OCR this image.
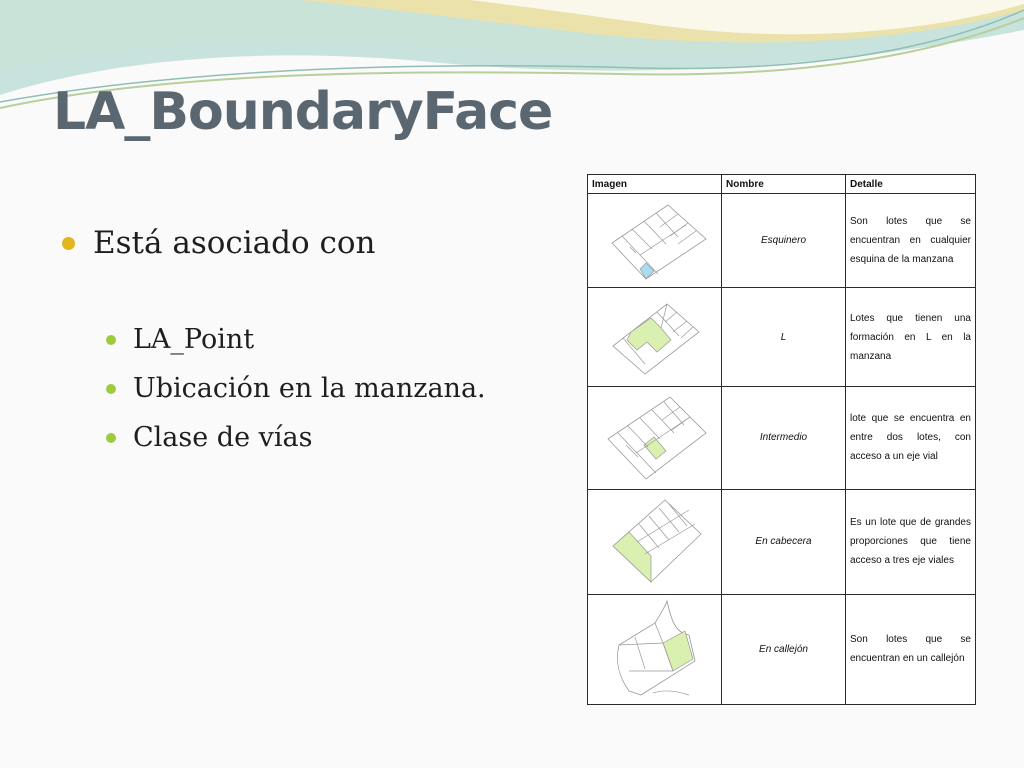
LA_BoundaryFace
Está asociado con
LA_Point
Ubicación en la manzana.
Clase de vías
Imagen	Nombre	Detalle

	Esquinero	Son lotes que se encuentran en cualquier esquina de la manzana

	L	Lotes que tienen una formación en L en la manzana

	Intermedio	lote que se encuentra en entre dos lotes, con acceso a un eje vial

	En cabecera	Es un lote que de grandes proporciones que tiene acceso a tres eje viales

	En callejón	Son lotes que se encuentran en un callejón
